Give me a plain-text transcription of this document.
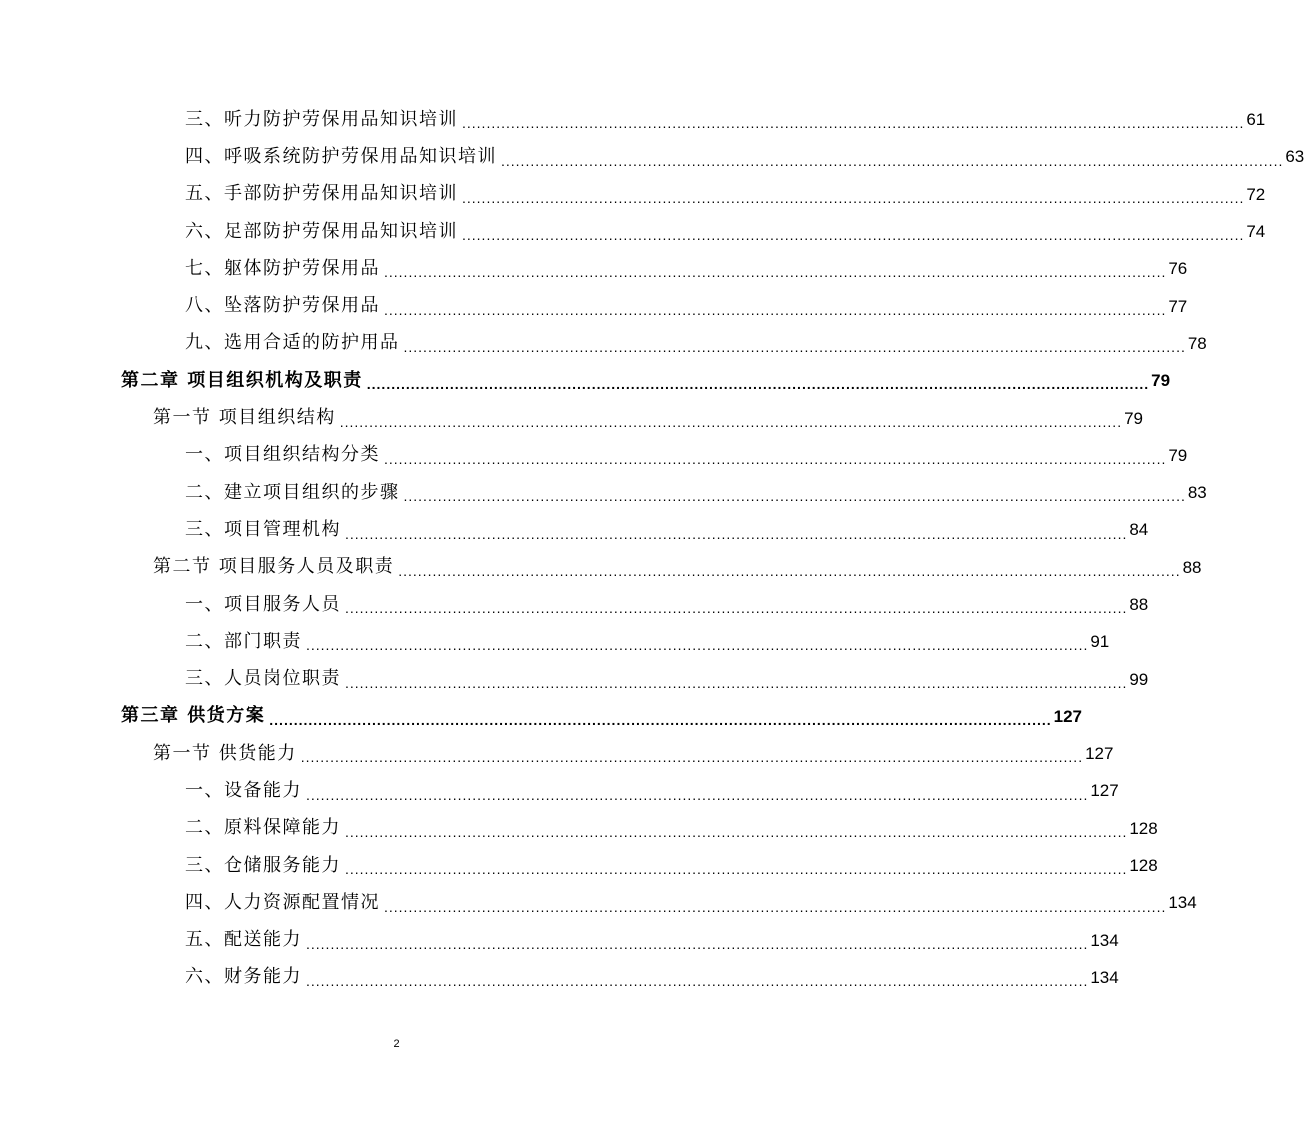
三、听力防护劳保用品知识培训 ................................................................................................................................................................ 61
四、呼吸系统防护劳保用品知识培训 ................................................................................................................................................................ 63
五、手部防护劳保用品知识培训 ................................................................................................................................................................ 72
六、足部防护劳保用品知识培训 ................................................................................................................................................................ 74
七、躯体防护劳保用品 ................................................................................................................................................................ 76
八、坠落防护劳保用品 ................................................................................................................................................................ 77
九、选用合适的防护用品 ................................................................................................................................................................ 78
第二章 项目组织机构及职责 ................................................................................................................................................................ 79
第一节 项目组织结构 ................................................................................................................................................................ 79
一、项目组织结构分类 ................................................................................................................................................................ 79
二、建立项目组织的步骤 ................................................................................................................................................................ 83
三、项目管理机构 ................................................................................................................................................................ 84
第二节 项目服务人员及职责 ................................................................................................................................................................ 88
一、项目服务人员 ................................................................................................................................................................ 88
二、部门职责 ................................................................................................................................................................ 91
三、人员岗位职责 ................................................................................................................................................................ 99
第三章 供货方案 ................................................................................................................................................................ 127
第一节 供货能力 ................................................................................................................................................................ 127
一、设备能力 ................................................................................................................................................................ 127
二、原料保障能力 ................................................................................................................................................................ 128
三、仓储服务能力 ................................................................................................................................................................ 128
四、人力资源配置情况 ................................................................................................................................................................ 134
五、配送能力 ................................................................................................................................................................ 134
六、财务能力 ................................................................................................................................................................ 134
2
